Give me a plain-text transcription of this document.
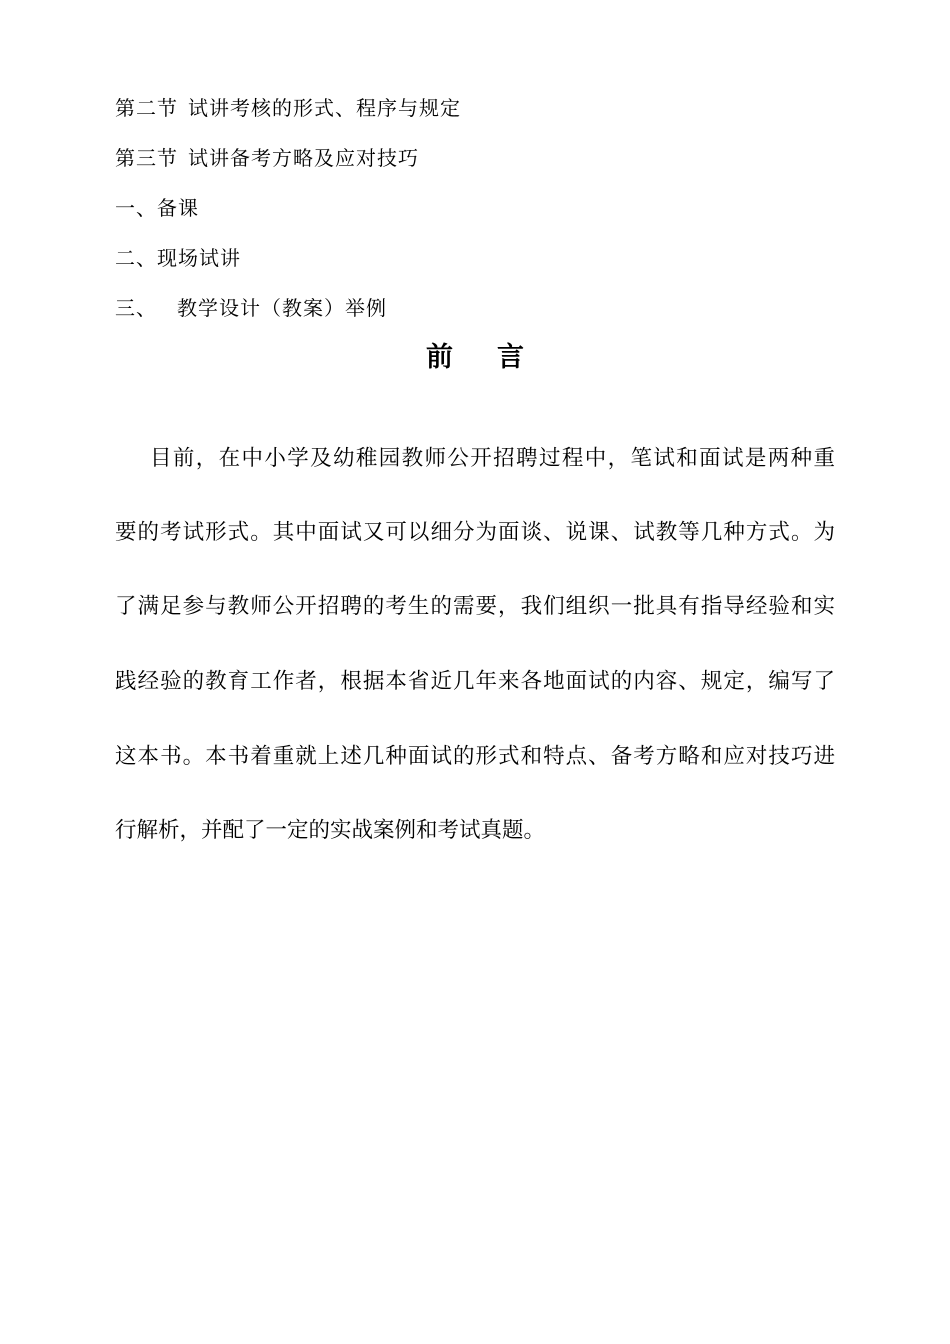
第二节 试讲考核的形式、程序与规定
第三节 试讲备考方略及应对技巧
一、备课
二、现场试讲
三、 教学设计（教案）举例
前 言
目前，在中小学及幼稚园教师公开招聘过程中，笔试和面试是两种重
要的考试形式。其中面试又可以细分为面谈、说课、试教等几种方式。为
了满足参与教师公开招聘的考生的需要，我们组织一批具有指导经验和实
践经验的教育工作者，根据本省近几年来各地面试的内容、规定，编写了
这本书。本书着重就上述几种面试的形式和特点、备考方略和应对技巧进
行解析，并配了一定的实战案例和考试真题。
